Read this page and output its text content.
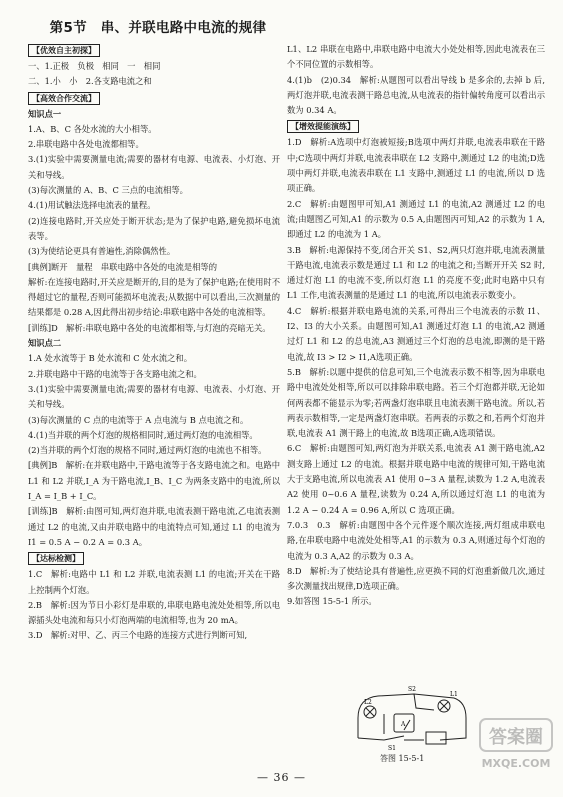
第5节　串、并联电路中电流的规律
【优效自主初探】

一、1.正极　负极　相同　一　相同
二、1.小　小　2.各支路电流之和
【高效合作交流】

知识点一
1.A、B、C 各处水流的大小相等。
2.串联电路中各处电流都相等。
3.(1)实验中需要测量电流;需要的器材有电源、电流表、小灯泡、开关和导线。
(3)每次测量的 A、B、C 三点的电流相等。
4.(1)用试触法选择电流表的量程。
(2)连接电路时,开关应处于断开状态;是为了保护电路,避免损坏电流表等。
(3)为使结论更具有普遍性,消除偶然性。
[典例]断开　量程　串联电路中各处的电流是相等的
解析:在连接电路时,开关应是断开的,目的是为了保护电路;在使用时不得超过它的量程,否则可能损坏电流表;从数据中可以看出,三次测量的结果都是 0.28 A,因此得出初步结论:串联电路中各处的电流相等。
[训练]D　解析:串联电路中各处的电流都相等,与灯泡的亮暗无关。
知识点二
1.A 处水流等于 B 处水流和 C 处水流之和。
2.并联电路中干路的电流等于各支路电流之和。
3.(1)实验中需要测量电流;需要的器材有电源、电流表、小灯泡、开关和导线。
(3)每次测量的 C 点的电流等于 A 点电流与 B 点电流之和。
4.(1)当并联的两个灯泡的规格相同时,通过两灯泡的电流相等。
(2)当并联的两个灯泡的规格不同时,通过两灯泡的电流也不相等。
[典例]B　解析:在并联电路中,干路电流等于各支路电流之和。电路中 L1 和 L2 并联,I_A 为干路电流,I_B、I_C 为两条支路中的电流,所以 I_A = I_B + I_C。
[训练]B　解析:由图可知,两灯泡并联,电流表测干路电流,乙电流表测通过 L2 的电流,又由并联电路中的电流特点可知,通过 L1 的电流为 I1 = 0.5 A − 0.2 A = 0.3 A。
【达标检测】

1.C　解析:电路中 L1 和 L2 并联,电流表测 L1 的电流;开关在干路上控制两个灯泡。
2.B　解析:因为节日小彩灯是串联的,串联电路电流处处相等,所以电源插头处电流和每只小灯泡两端的电流相等,也为 20 mA。
3.D　解析:对甲、乙、丙三个电路的连接方式进行判断可知,
L1、L2 串联在电路中,串联电路中电流大小处处相等,因此电流表在三个不同位置的示数相等。
4.(1)b　(2)0.34　解析:从题图可以看出导线 b 是多余的,去掉 b 后,两灯泡并联,电流表测干路总电流,从电流表的指针偏转角度可以看出示数为 0.34 A。
【增效提能演练】

1.D　解析:A选项中灯泡被短接;B选项中两灯并联,电流表串联在干路中;C选项中两灯并联,电流表串联在 L2 支路中,测通过 L2 的电流;D选项中两灯并联,电流表串联在 L1 支路中,测通过 L1 的电流,所以 D 选项正确。
2.C　解析:由题图甲可知,A1 测通过 L1 的电流,A2 测通过 L2 的电流;由题图乙可知,A1 的示数为 0.5 A,由题图丙可知,A2 的示数为 1 A,即通过 L2 的电流为 1 A。
3.B　解析:电源保持不变,闭合开关 S1、S2,两只灯泡并联,电流表测量干路电流,电流表示数是通过 L1 和 L2 的电流之和;当断开开关 S2 时,通过灯泡 L1 的电流不变,所以灯泡 L1 的亮度不变;此时电路中只有 L1 工作,电流表测量的是通过 L1 的电流,所以电流表示数变小。
4.C　解析:根据并联电路电流的关系,可得出三个电流表的示数 I1、I2、I3 的大小关系。由题图可知,A1 测通过灯泡 L1 的电流,A2 测通过灯 L1 和 L2 的总电流,A3 测通过三个灯泡的总电流,即测的是干路电流,故 I3 > I2 > I1,A选项正确。
5.B　解析:以题中提供的信息可知,三个电流表示数不相等,因为串联电路中电流处处相等,所以可以排除串联电路。若三个灯泡都并联,无论如何两表都不能显示为零;若两盏灯泡串联且电流表测干路电流。所以,若两表示数相等,一定是两盏灯泡串联。若两表的示数之和,若两个灯泡并联,电流表 A1 测干路上的电流,故 B选项正确,A选项错误。
6.C　解析:由题图可知,两灯泡为并联关系,电流表 A1 测干路电流,A2 测支路上通过 L2 的电流。根据并联电路中电流的规律可知,干路电流大于支路电流,所以电流表 A1 使用 0~3 A 量程,读数为 1.2 A,电流表 A2 使用 0~0.6 A 量程,读数为 0.24 A,所以通过灯泡 L1 的电流为 1.2 A − 0.24 A = 0.96 A,所以 C 选项正确。
7.0.3　0.3　解析:由题图中各个元件逐个顺次连接,两灯组成串联电路,在串联电路中电流处处相等,A1 的示数为 0.3 A,则通过每个灯泡的电流为 0.3 A,A2 的示数为 0.3 A。
8.D　解析:为了使结论具有普遍性,应更换不同的灯泡重新做几次,通过多次测量找出规律,D选项正确。
9.如答图 15-5-1 所示。
S2
L1
L2
A
S1
答图 15-5-1
— 36 —
答案圈
MXQE.COM
